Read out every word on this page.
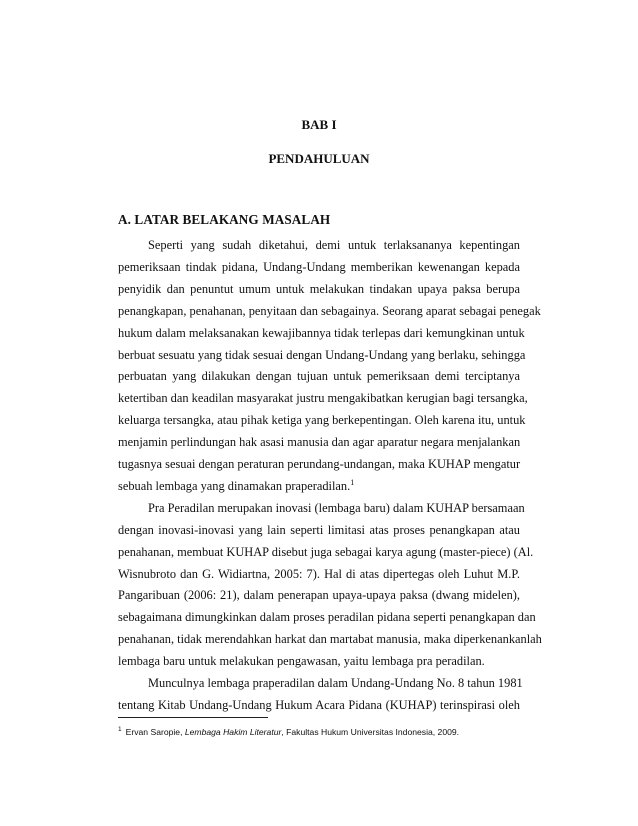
BAB I
PENDAHULUAN
A. LATAR BELAKANG MASALAH
Seperti yang sudah diketahui, demi untuk terlaksananya kepentingan
pemeriksaan tindak pidana, Undang-Undang memberikan kewenangan kepada
penyidik dan penuntut umum untuk melakukan tindakan upaya paksa berupa
penangkapan, penahanan, penyitaan dan sebagainya. Seorang aparat sebagai penegak
hukum dalam melaksanakan kewajibannya tidak terlepas dari kemungkinan untuk
berbuat sesuatu yang tidak sesuai dengan Undang-Undang yang berlaku, sehingga
perbuatan yang dilakukan dengan tujuan untuk pemeriksaan demi terciptanya
ketertiban dan keadilan masyarakat justru mengakibatkan kerugian bagi tersangka,
keluarga tersangka, atau pihak ketiga yang berkepentingan. Oleh karena itu, untuk
menjamin perlindungan hak asasi manusia dan agar aparatur negara menjalankan
tugasnya sesuai dengan peraturan perundang-undangan, maka KUHAP mengatur
sebuah lembaga yang dinamakan praperadilan.$^1$
Pra Peradilan merupakan inovasi (lembaga baru) dalam KUHAP bersamaan
dengan inovasi-inovasi yang lain seperti limitasi atas proses penangkapan atau
penahanan, membuat KUHAP disebut juga sebagai karya agung (master-piece) (Al.
Wisnubroto dan G. Widiartna, 2005: 7). Hal di atas dipertegas oleh Luhut M.P.
Pangaribuan (2006: 21), dalam penerapan upaya-upaya paksa (dwang midelen),
sebagaimana dimungkinkan dalam proses peradilan pidana seperti penangkapan dan
penahanan, tidak merendahkan harkat dan martabat manusia, maka diperkenankanlah
lembaga baru untuk melakukan pengawasan, yaitu lembaga pra peradilan.
Munculnya lembaga praperadilan dalam Undang-Undang No. 8 tahun 1981
tentang Kitab Undang-Undang Hukum Acara Pidana (KUHAP) terinspirasi oleh
$^1$ Ervan Saropie, Lembaga Hakim Literatur, Fakultas Hukum Universitas Indonesia, 2009.
